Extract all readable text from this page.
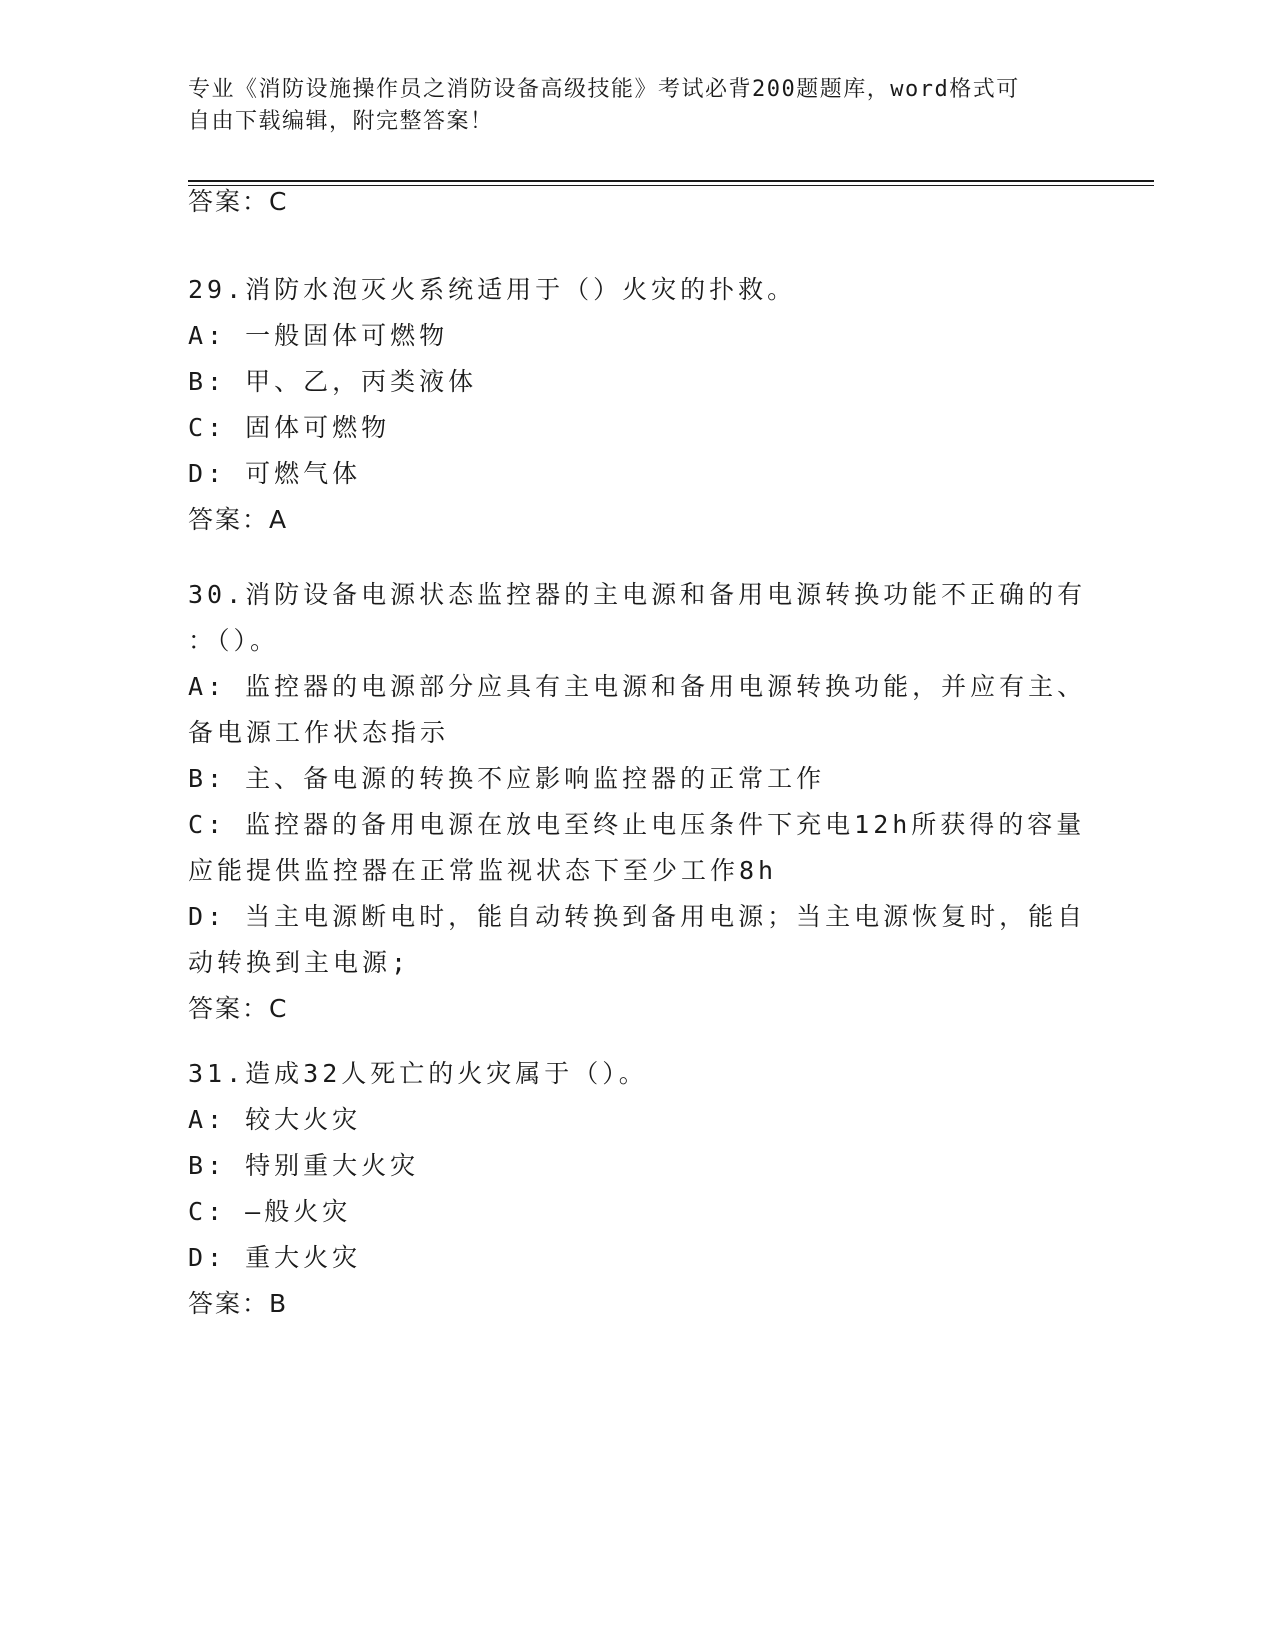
专业《消防设施操作员之消防设备高级技能》考试必背200题题库，word格式可
自由下载编辑，附完整答案！
答案：C
29.消防水泡灭火系统适用于（）火灾的扑救。
A: 一般固体可燃物
B: 甲、乙，丙类液体
C: 固体可燃物
D: 可燃气体
答案：A
30.消防设备电源状态监控器的主电源和备用电源转换功能不正确的有
：（）。
A: 监控器的电源部分应具有主电源和备用电源转换功能，并应有主、
备电源工作状态指示
B: 主、备电源的转换不应影响监控器的正常工作
C: 监控器的备用电源在放电至终止电压条件下充电12h所获得的容量
应能提供监控器在正常监视状态下至少工作8h
D: 当主电源断电时，能自动转换到备用电源；当主电源恢复时，能自
动转换到主电源;
答案：C
31.造成32人死亡的火灾属于（）。
A: 较大火灾
B: 特别重大火灾
C: —般火灾
D: 重大火灾
答案：B
